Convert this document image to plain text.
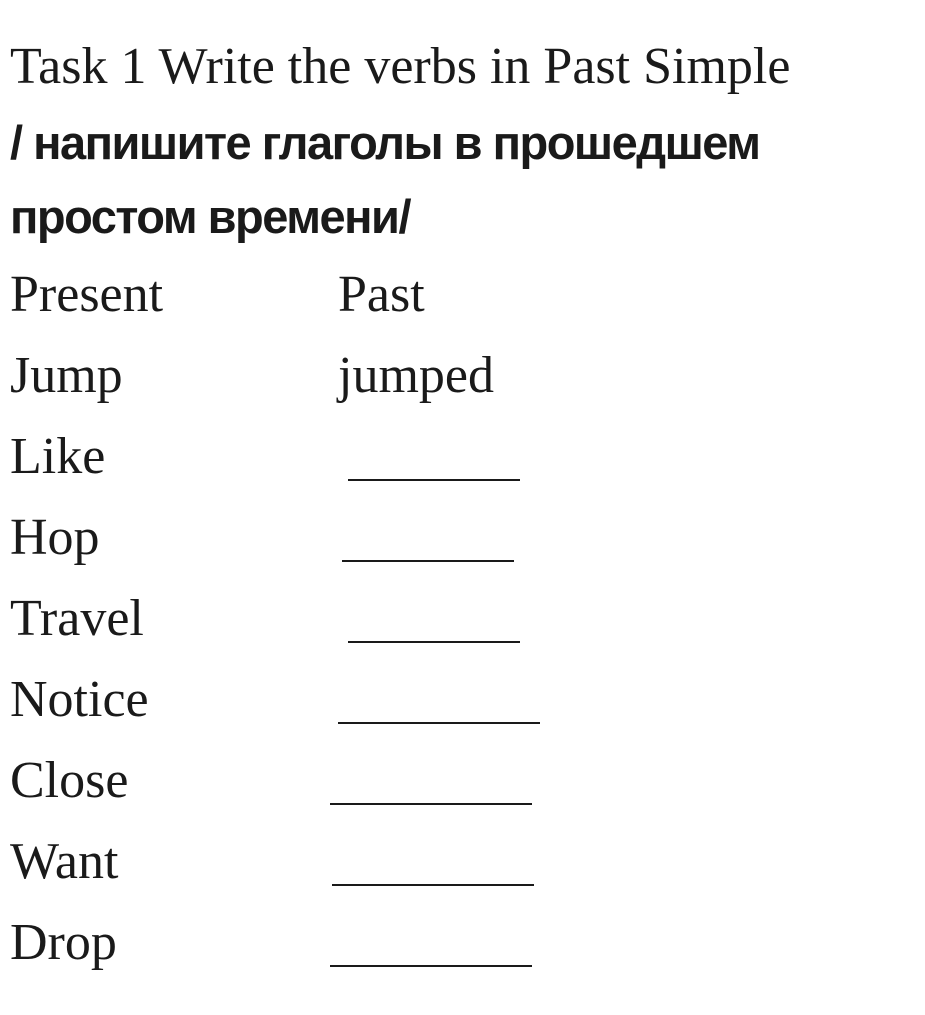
Task 1 Write the verbs in Past Simple
/ напишите глаголы в прошедшем простом времени/
Present	Past
Jump	jumped
Like
Hop
Travel
Notice
Close
Want
Drop
